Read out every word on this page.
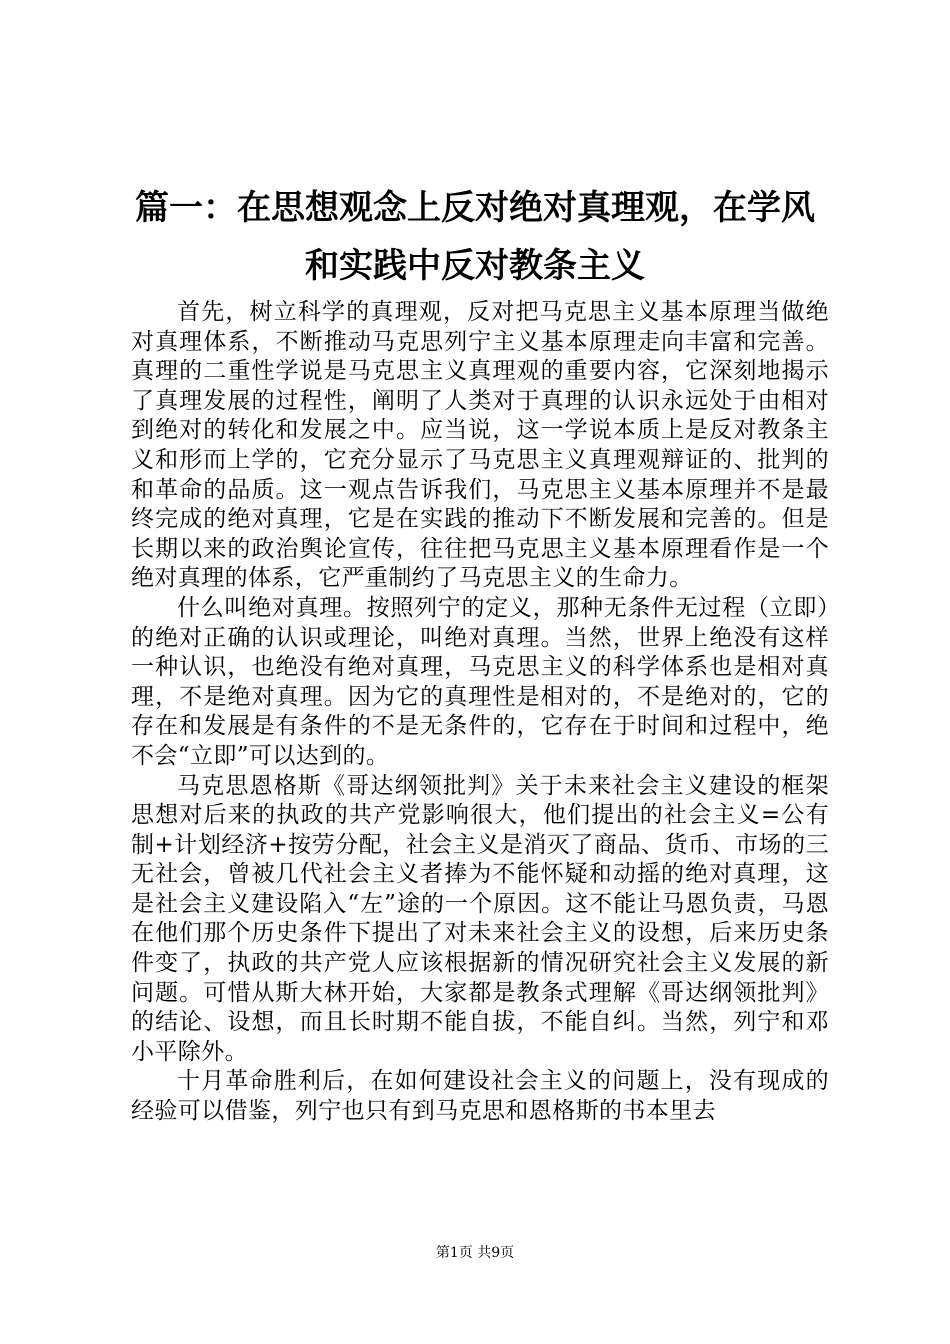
篇一：在思想观念上反对绝对真理观，在学风
和实践中反对教条主义

首先，树立科学的真理观，反对把马克思主义基本原理当做绝对真理体系，不断推动马克思列宁主义基本原理走向丰富和完善。真理的二重性学说是马克思主义真理观的重要内容，它深刻地揭示了真理发展的过程性，阐明了人类对于真理的认识永远处于由相对到绝对的转化和发展之中。应当说，这一学说本质上是反对教条主义和形而上学的，它充分显示了马克思主义真理观辩证的、批判的和革命的品质。这一观点告诉我们，马克思主义基本原理并不是最终完成的绝对真理，它是在实践的推动下不断发展和完善的。但是长期以来的政治舆论宣传，往往把马克思主义基本原理看作是一个绝对真理的体系，它严重制约了马克思主义的生命力。

什么叫绝对真理。按照列宁的定义，那种无条件无过程（立即）的绝对正确的认识或理论，叫绝对真理。当然，世界上绝没有这样一种认识，也绝没有绝对真理，马克思主义的科学体系也是相对真理，不是绝对真理。因为它的真理性是相对的，不是绝对的，它的存在和发展是有条件的不是无条件的，它存在于时间和过程中，绝不会“立即”可以达到的。

马克思恩格斯《哥达纲领批判》关于未来社会主义建设的框架思想对后来的执政的共产党影响很大，他们提出的社会主义=公有制+计划经济+按劳分配，社会主义是消灭了商品、货币、市场的三无社会，曾被几代社会主义者捧为不能怀疑和动摇的绝对真理，这是社会主义建设陷入“左”途的一个原因。这不能让马恩负责，马恩在他们那个历史条件下提出了对未来社会主义的设想，后来历史条件变了，执政的共产党人应该根据新的情况研究社会主义发展的新问题。可惜从斯大林开始，大家都是教条式理解《哥达纲领批判》的结论、设想，而且长时期不能自拔，不能自纠。当然，列宁和邓小平除外。

十月革命胜利后，在如何建设社会主义的问题上，没有现成的经验可以借鉴，列宁也只有到马克思和恩格斯的书本里去

第1页 共9页
